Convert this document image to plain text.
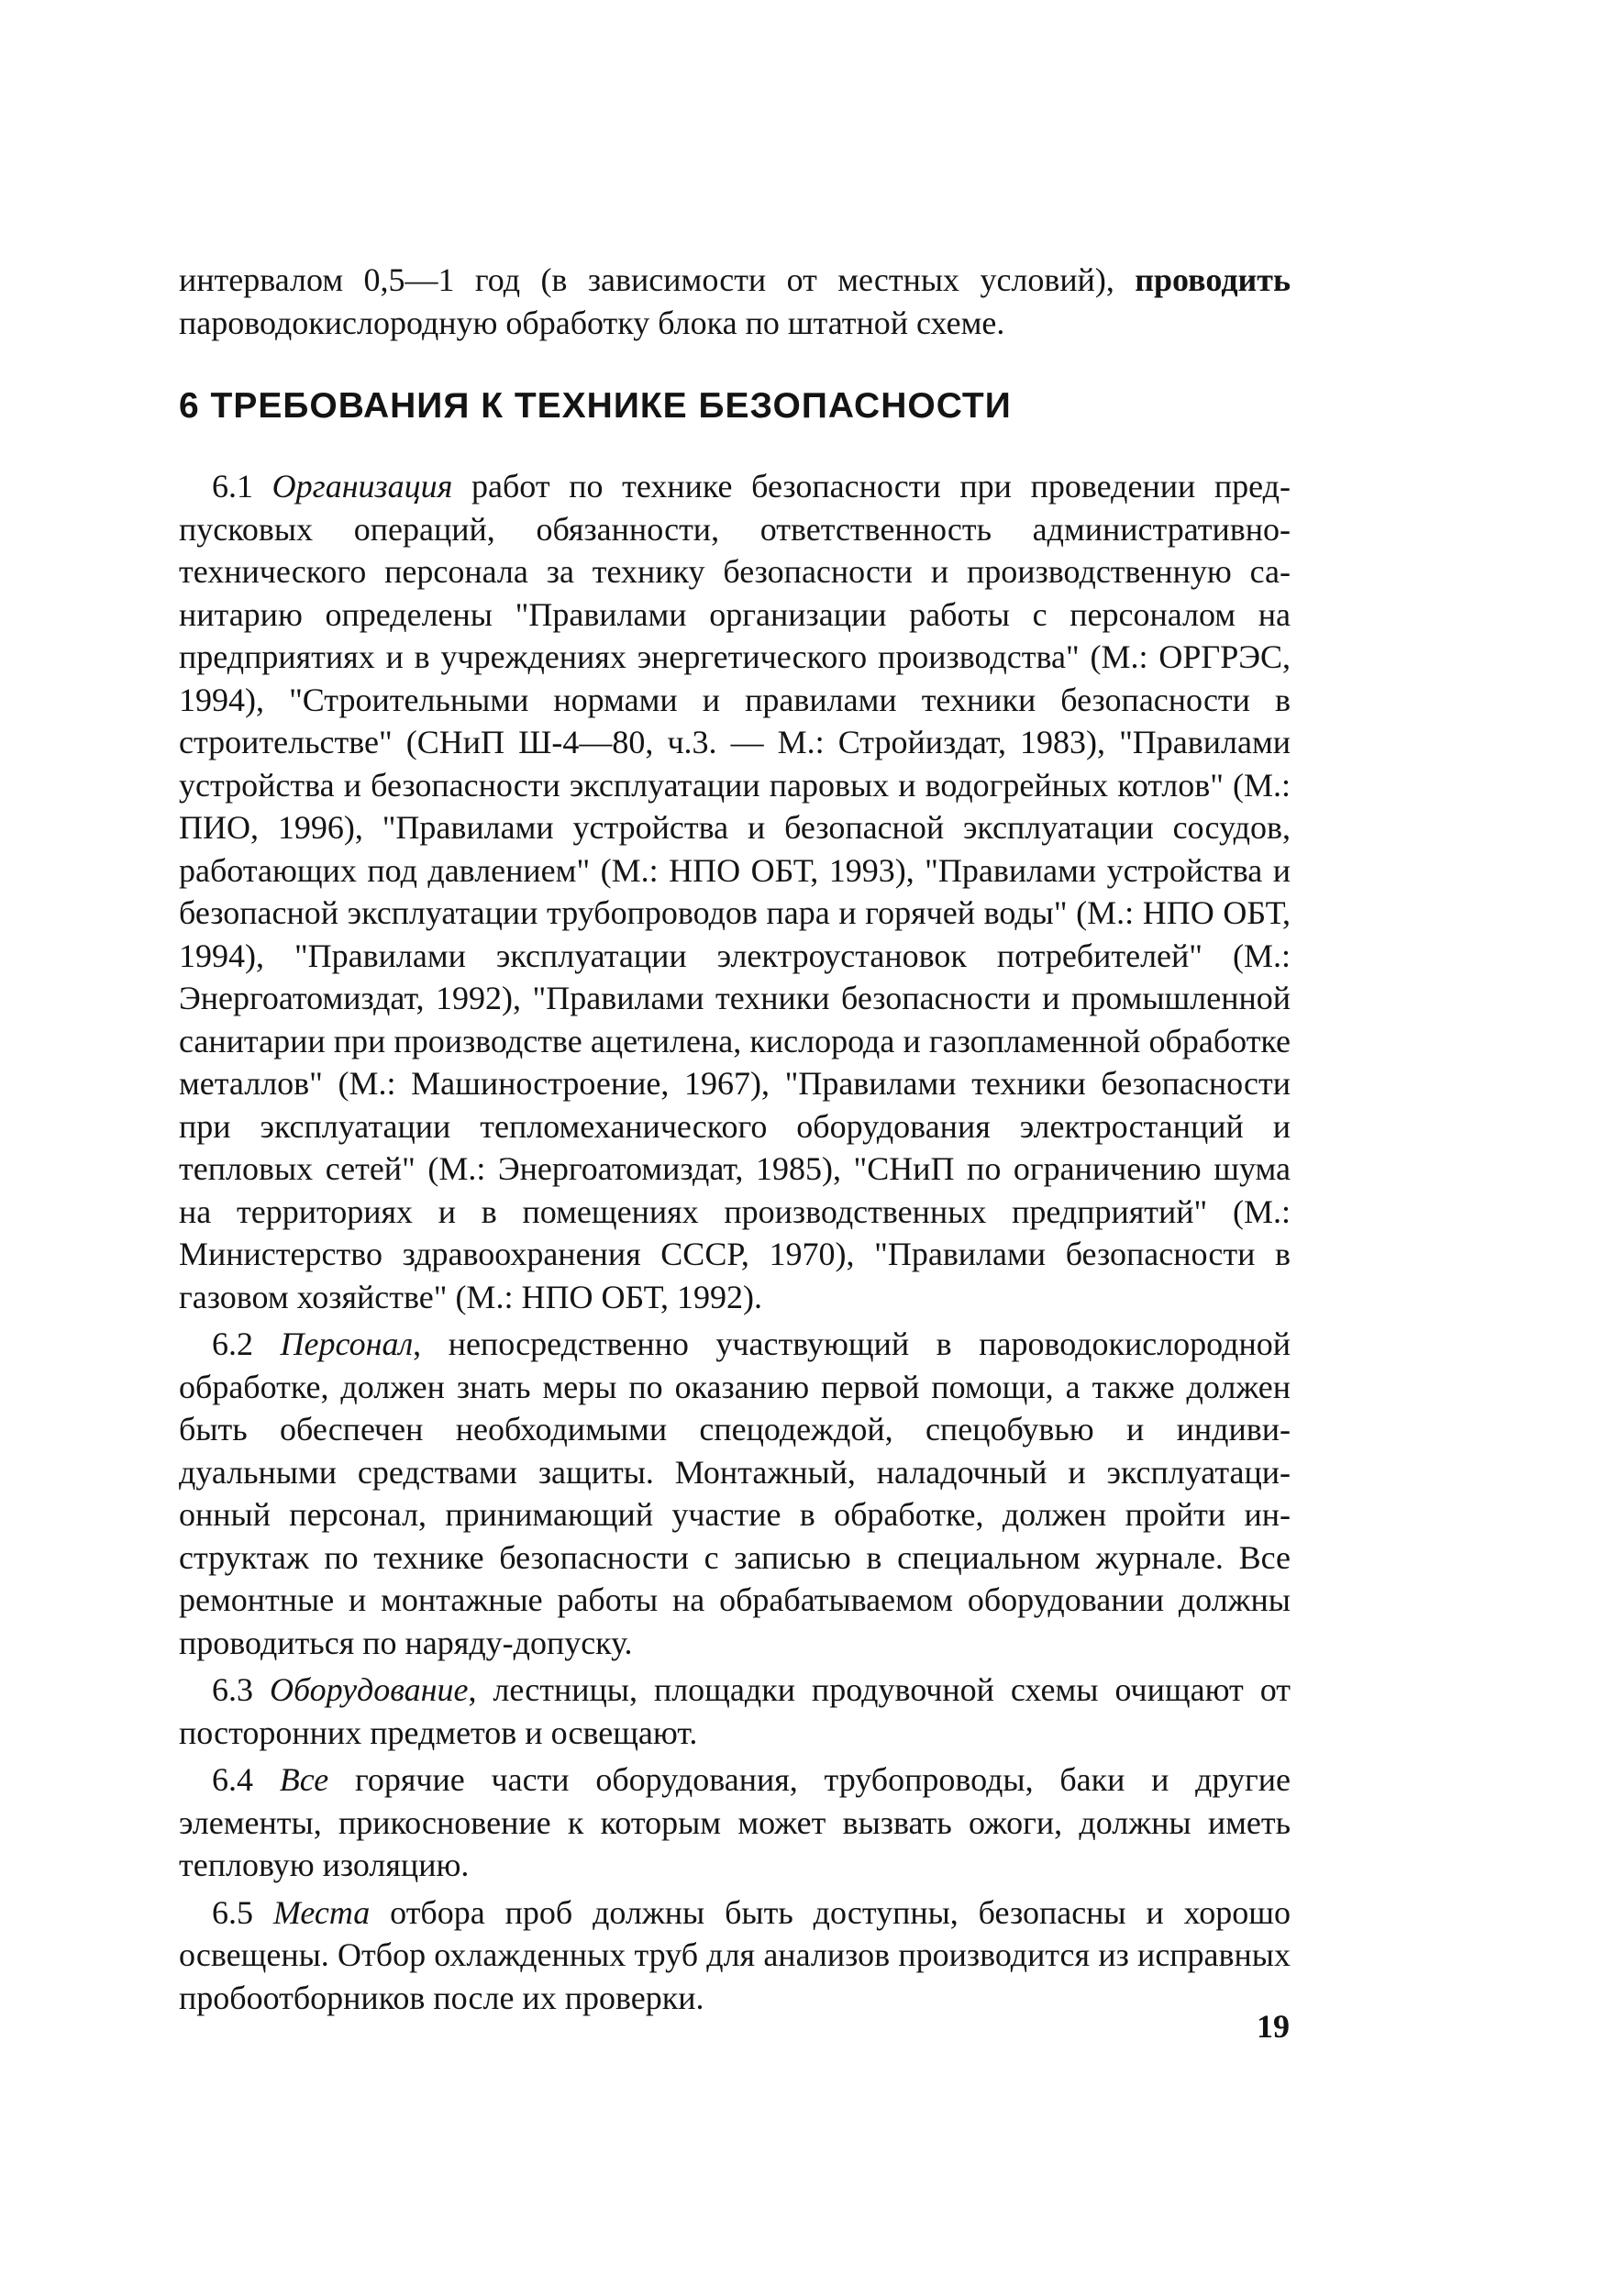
интервалом 0,5—1 год (в зависимости от местных условий), проводить пароводокислородную обработку блока по штатной схеме.

6 ТРЕБОВАНИЯ К ТЕХНИКЕ БЕЗОПАСНОСТИ

6.1 Организация работ по технике безопасности при проведении предпусковых операций, обязанности, ответственность административно-технического персонала за технику безопасности и производственную санитарию определены "Правилами организации работы с персоналом на предприятиях и в учреждениях энергетического производства" (М.: ОРГРЭС, 1994), "Строительными нормами и правилами техники безопасности в строительстве" (СНиП Ш-4—80, ч.3. — М.: Стройиздат, 1983), "Правилами устройства и безопасности эксплуатации паровых и водогрейных котлов" (М.: ПИО, 1996), "Правилами устройства и безопасной эксплуатации сосудов, работающих под давлением" (М.: НПО ОБТ, 1993), "Правилами устройства и безопасной эксплуатации трубопроводов пара и горячей воды" (М.: НПО ОБТ, 1994), "Правилами эксплуатации электроустановок потребителей" (М.: Энергоатомиздат, 1992), "Правилами техники безопасности и промышленной санитарии при производстве ацетилена, кислорода и газопламенной обработке металлов" (М.: Машиностроение, 1967), "Правилами техники безопасности при эксплуатации тепломеханического оборудования электростанций и тепловых сетей" (М.: Энергоатомиздат, 1985), "СНиП по ограничению шума на территориях и в помещениях производственных предприятий" (М.: Министерство здравоохранения СССР, 1970), "Правилами безопасности в газовом хозяйстве" (М.: НПО ОБТ, 1992).

6.2 Персонал, непосредственно участвующий в пароводокислородной обработке, должен знать меры по оказанию первой помощи, а также должен быть обеспечен необходимыми спецодеждой, спецобувью и индивидуальными средствами защиты. Монтажный, наладочный и эксплуатационный персонал, принимающий участие в обработке, должен пройти инструктаж по технике безопасности с записью в специальном журнале. Все ремонтные и монтажные работы на обрабатываемом оборудовании должны проводиться по наряду-допуску.

6.3 Оборудование, лестницы, площадки продувочной схемы очищают от посторонних предметов и освещают.

6.4 Все горячие части оборудования, трубопроводы, баки и другие элементы, прикосновение к которым может вызвать ожоги, должны иметь тепловую изоляцию.

6.5 Места отбора проб должны быть доступны, безопасны и хорошо освещены. Отбор охлажденных труб для анализов производится из исправных пробоотборников после их проверки.

19
